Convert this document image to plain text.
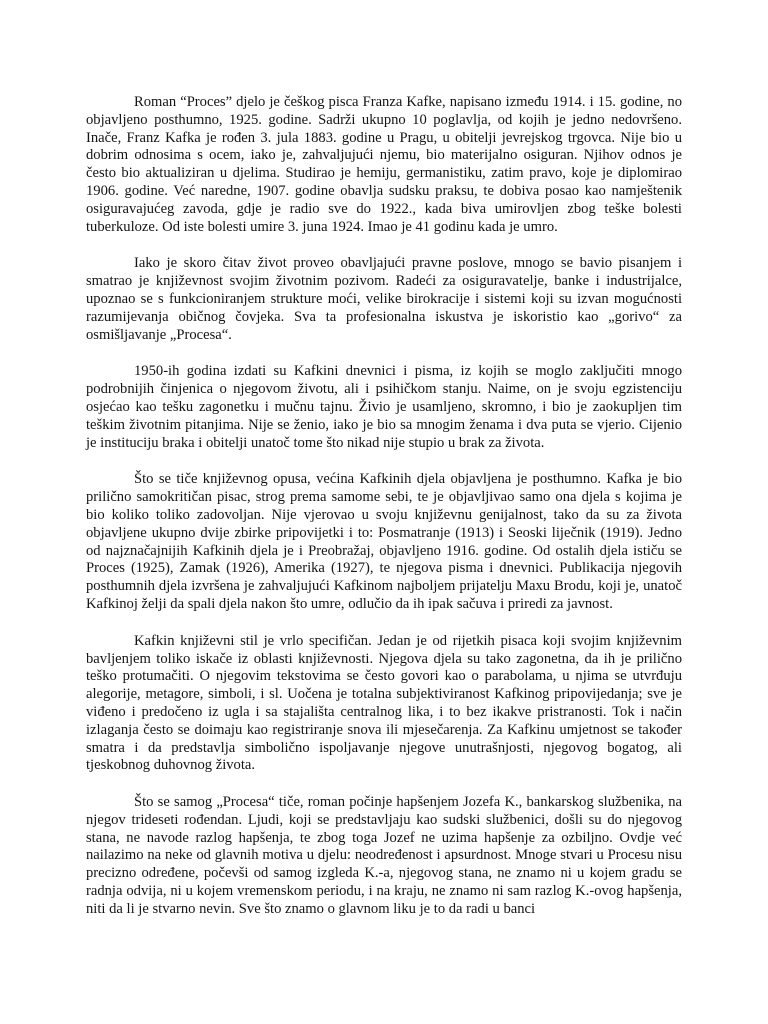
Roman “Proces” djelo je češkog pisca Franza Kafke, napisano između 1914. i 15. godine, no objavljeno posthumno, 1925. godine. Sadrži ukupno 10 poglavlja, od kojih je jedno nedovršeno. Inače, Franz Kafka je rođen 3. jula 1883. godine u Pragu, u obitelji jevrejskog trgovca. Nije bio u dobrim odnosima s ocem, iako je, zahvaljujući njemu, bio materijalno osiguran. Njihov odnos je često bio aktualiziran u djelima. Studirao je hemiju, germanistiku, zatim pravo, koje je diplomirao 1906. godine. Već naredne, 1907. godine obavlja sudsku praksu, te dobiva posao kao namještenik osiguravajućeg zavoda, gdje je radio sve do 1922., kada biva umirovljen zbog teške bolesti tuberkuloze. Od iste bolesti umire 3. juna 1924. Imao je 41 godinu kada je umro.

Iako je skoro čitav život proveo obavljajući pravne poslove, mnogo se bavio pisanjem i smatrao je književnost svojim životnim pozivom. Radeći za osiguravatelje, banke i industrijalce, upoznao se s funkcioniranjem strukture moći, velike birokracije i sistemi koji su izvan mogućnosti razumijevanja običnog čovjeka. Sva ta profesionalna iskustva je iskoristio kao „gorivo“ za osmišljavanje „Procesa“.

1950-ih godina izdati su Kafkini dnevnici i pisma, iz kojih se moglo zaključiti mnogo podrobnijih činjenica o njegovom životu, ali i psihičkom stanju. Naime, on je svoju egzistenciju osjećao kao tešku zagonetku i mučnu tajnu. Živio je usamljeno, skromno, i bio je zaokupljen tim teškim životnim pitanjima. Nije se ženio, iako je bio sa mnogim ženama i dva puta se vjerio. Cijenio je instituciju braka i obitelji unatoč tome što nikad nije stupio u brak za života.

Što se tiče književnog opusa, većina Kafkinih djela objavljena je posthumno. Kafka je bio prilično samokritičan pisac, strog prema samome sebi, te je objavljivao samo ona djela s kojima je bio koliko toliko zadovoljan. Nije vjerovao u svoju književnu genijalnost, tako da su za života objavljene ukupno dvije zbirke pripovijetki i to: Posmatranje (1913) i Seoski liječnik (1919). Jedno od najznačajnijih Kafkinih djela je i Preobražaj, objavljeno 1916. godine. Od ostalih djela ističu se Proces (1925), Zamak (1926), Amerika (1927), te njegova pisma i dnevnici. Publikacija njegovih posthumnih djela izvršena je zahvaljujući Kafkinom najboljem prijatelju Maxu Brodu, koji je, unatoč Kafkinoj želji da spali djela nakon što umre, odlučio da ih ipak sačuva i priredi za javnost.

Kafkin književni stil je vrlo specifičan. Jedan je od rijetkih pisaca koji svojim književnim bavljenjem toliko iskače iz oblasti književnosti. Njegova djela su tako zagonetna, da ih je prilično teško protumačiti. O njegovim tekstovima se često govori kao o parabolama, u njima se utvrđuju alegorije, metagore, simboli, i sl. Uočena je totalna subjektiviranost Kafkinog pripovijedanja; sve je viđeno i predočeno iz ugla i sa stajališta centralnog lika, i to bez ikakve pristranosti. Tok i način izlaganja često se doimaju kao registriranje snova ili mjesečarenja. Za Kafkinu umjetnost se također smatra i da predstavlja simbolično ispoljavanje njegove unutrašnjosti, njegovog bogatog, ali tjeskobnog duhovnog života.

Što se samog „Procesa“ tiče, roman počinje hapšenjem Jozefa K., bankarskog službenika, na njegov trideseti rođendan. Ljudi, koji se predstavljaju kao sudski službenici, došli su do njegovog stana, ne navode razlog hapšenja, te zbog toga Jozef ne uzima hapšenje za ozbiljno. Ovdje već nailazimo na neke od glavnih motiva u djelu: neodređenost i apsurdnost. Mnoge stvari u Procesu nisu precizno određene, počevši od samog izgleda K.-a, njegovog stana, ne znamo ni u kojem gradu se radnja odvija, ni u kojem vremenskom periodu, i na kraju, ne znamo ni sam razlog K.-ovog hapšenja, niti da li je stvarno nevin. Sve što znamo o glavnom liku je to da radi u banci
